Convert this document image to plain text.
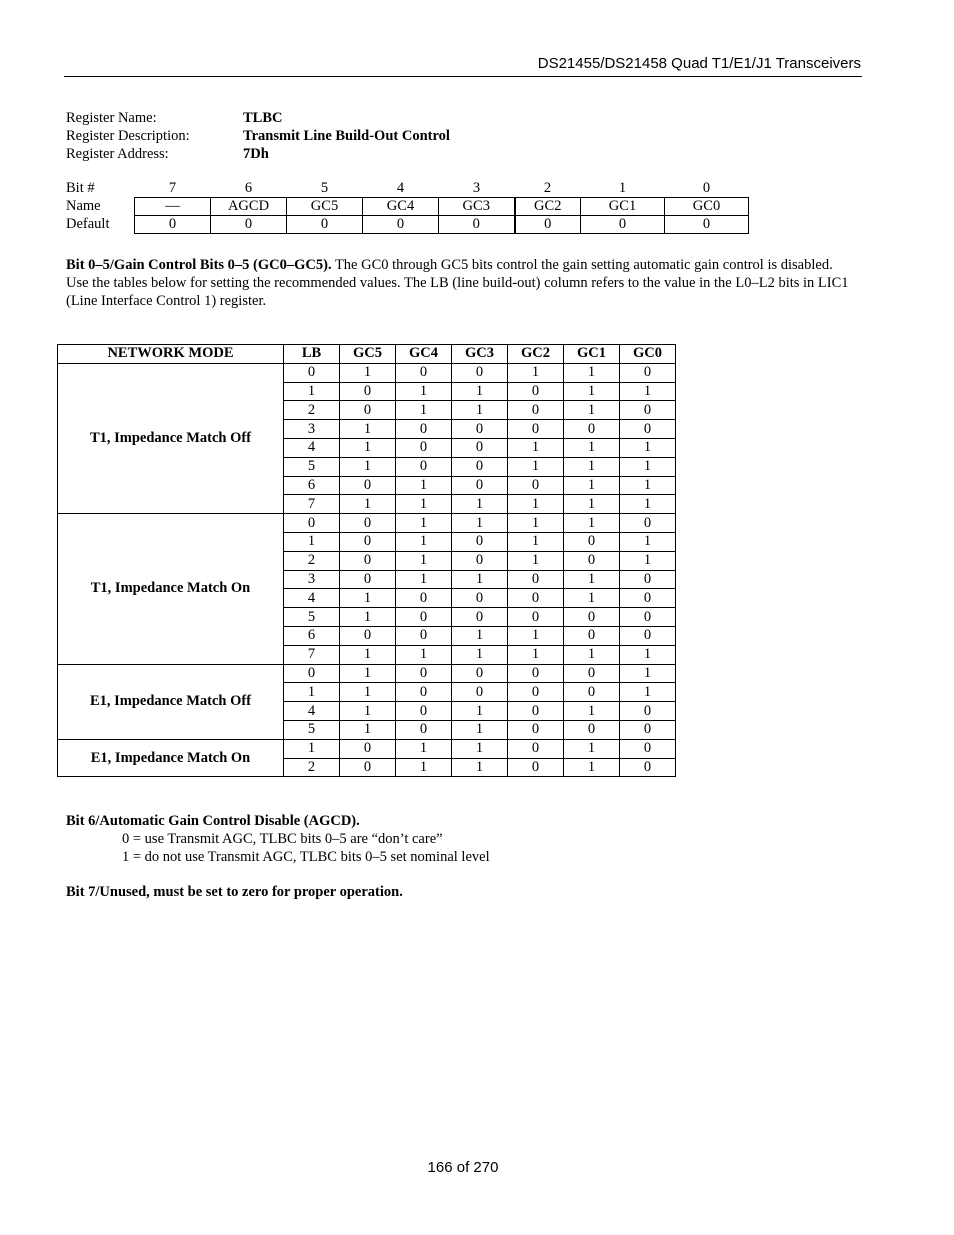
DS21455/DS21458 Quad T1/E1/J1 Transceivers
Register Name:	TLBC
Register Description:	Transmit Line Build-Out Control
Register Address:	7Dh
Bit #	7	6	5	4	3	2	1	0
Name	—	AGCD	GC5	GC4	GC3	GC2	GC1	GC0
Default	0	0	0	0	0	0	0	0
Bit 0–5/Gain Control Bits 0–5 (GC0–GC5). The GC0 through GC5 bits control the gain setting automatic gain control is disabled. Use the tables below for setting the recommended values. The LB (line build-out) column refers to the value in the L0–L2 bits in LIC1 (Line Interface Control 1) register.
NETWORK MODE	LB	GC5	GC4	GC3	GC2	GC1	GC0
T1, Impedance Match Off	0	1	0	0	1	1	0
	1	0	1	1	0	1	1
	2	0	1	1	0	1	0
	3	1	0	0	0	0	0
	4	1	0	0	1	1	1
	5	1	0	0	1	1	1
	6	0	1	0	0	1	1
	7	1	1	1	1	1	1
T1, Impedance Match On	0	0	1	1	1	1	0
	1	0	1	0	1	0	1
	2	0	1	0	1	0	1
	3	0	1	1	0	1	0
	4	1	0	0	0	1	0
	5	1	0	0	0	0	0
	6	0	0	1	1	0	0
	7	1	1	1	1	1	1
E1, Impedance Match Off	0	1	0	0	0	0	1
	1	1	0	0	0	0	1
	4	1	0	1	0	1	0
	5	1	0	1	0	0	0
E1, Impedance Match On	1	0	1	1	0	1	0
	2	0	1	1	0	1	0
Bit 6/Automatic Gain Control Disable (AGCD).
0 = use Transmit AGC, TLBC bits 0–5 are “don’t care”
1 = do not use Transmit AGC, TLBC bits 0–5 set nominal level
Bit 7/Unused, must be set to zero for proper operation.
166 of 270
